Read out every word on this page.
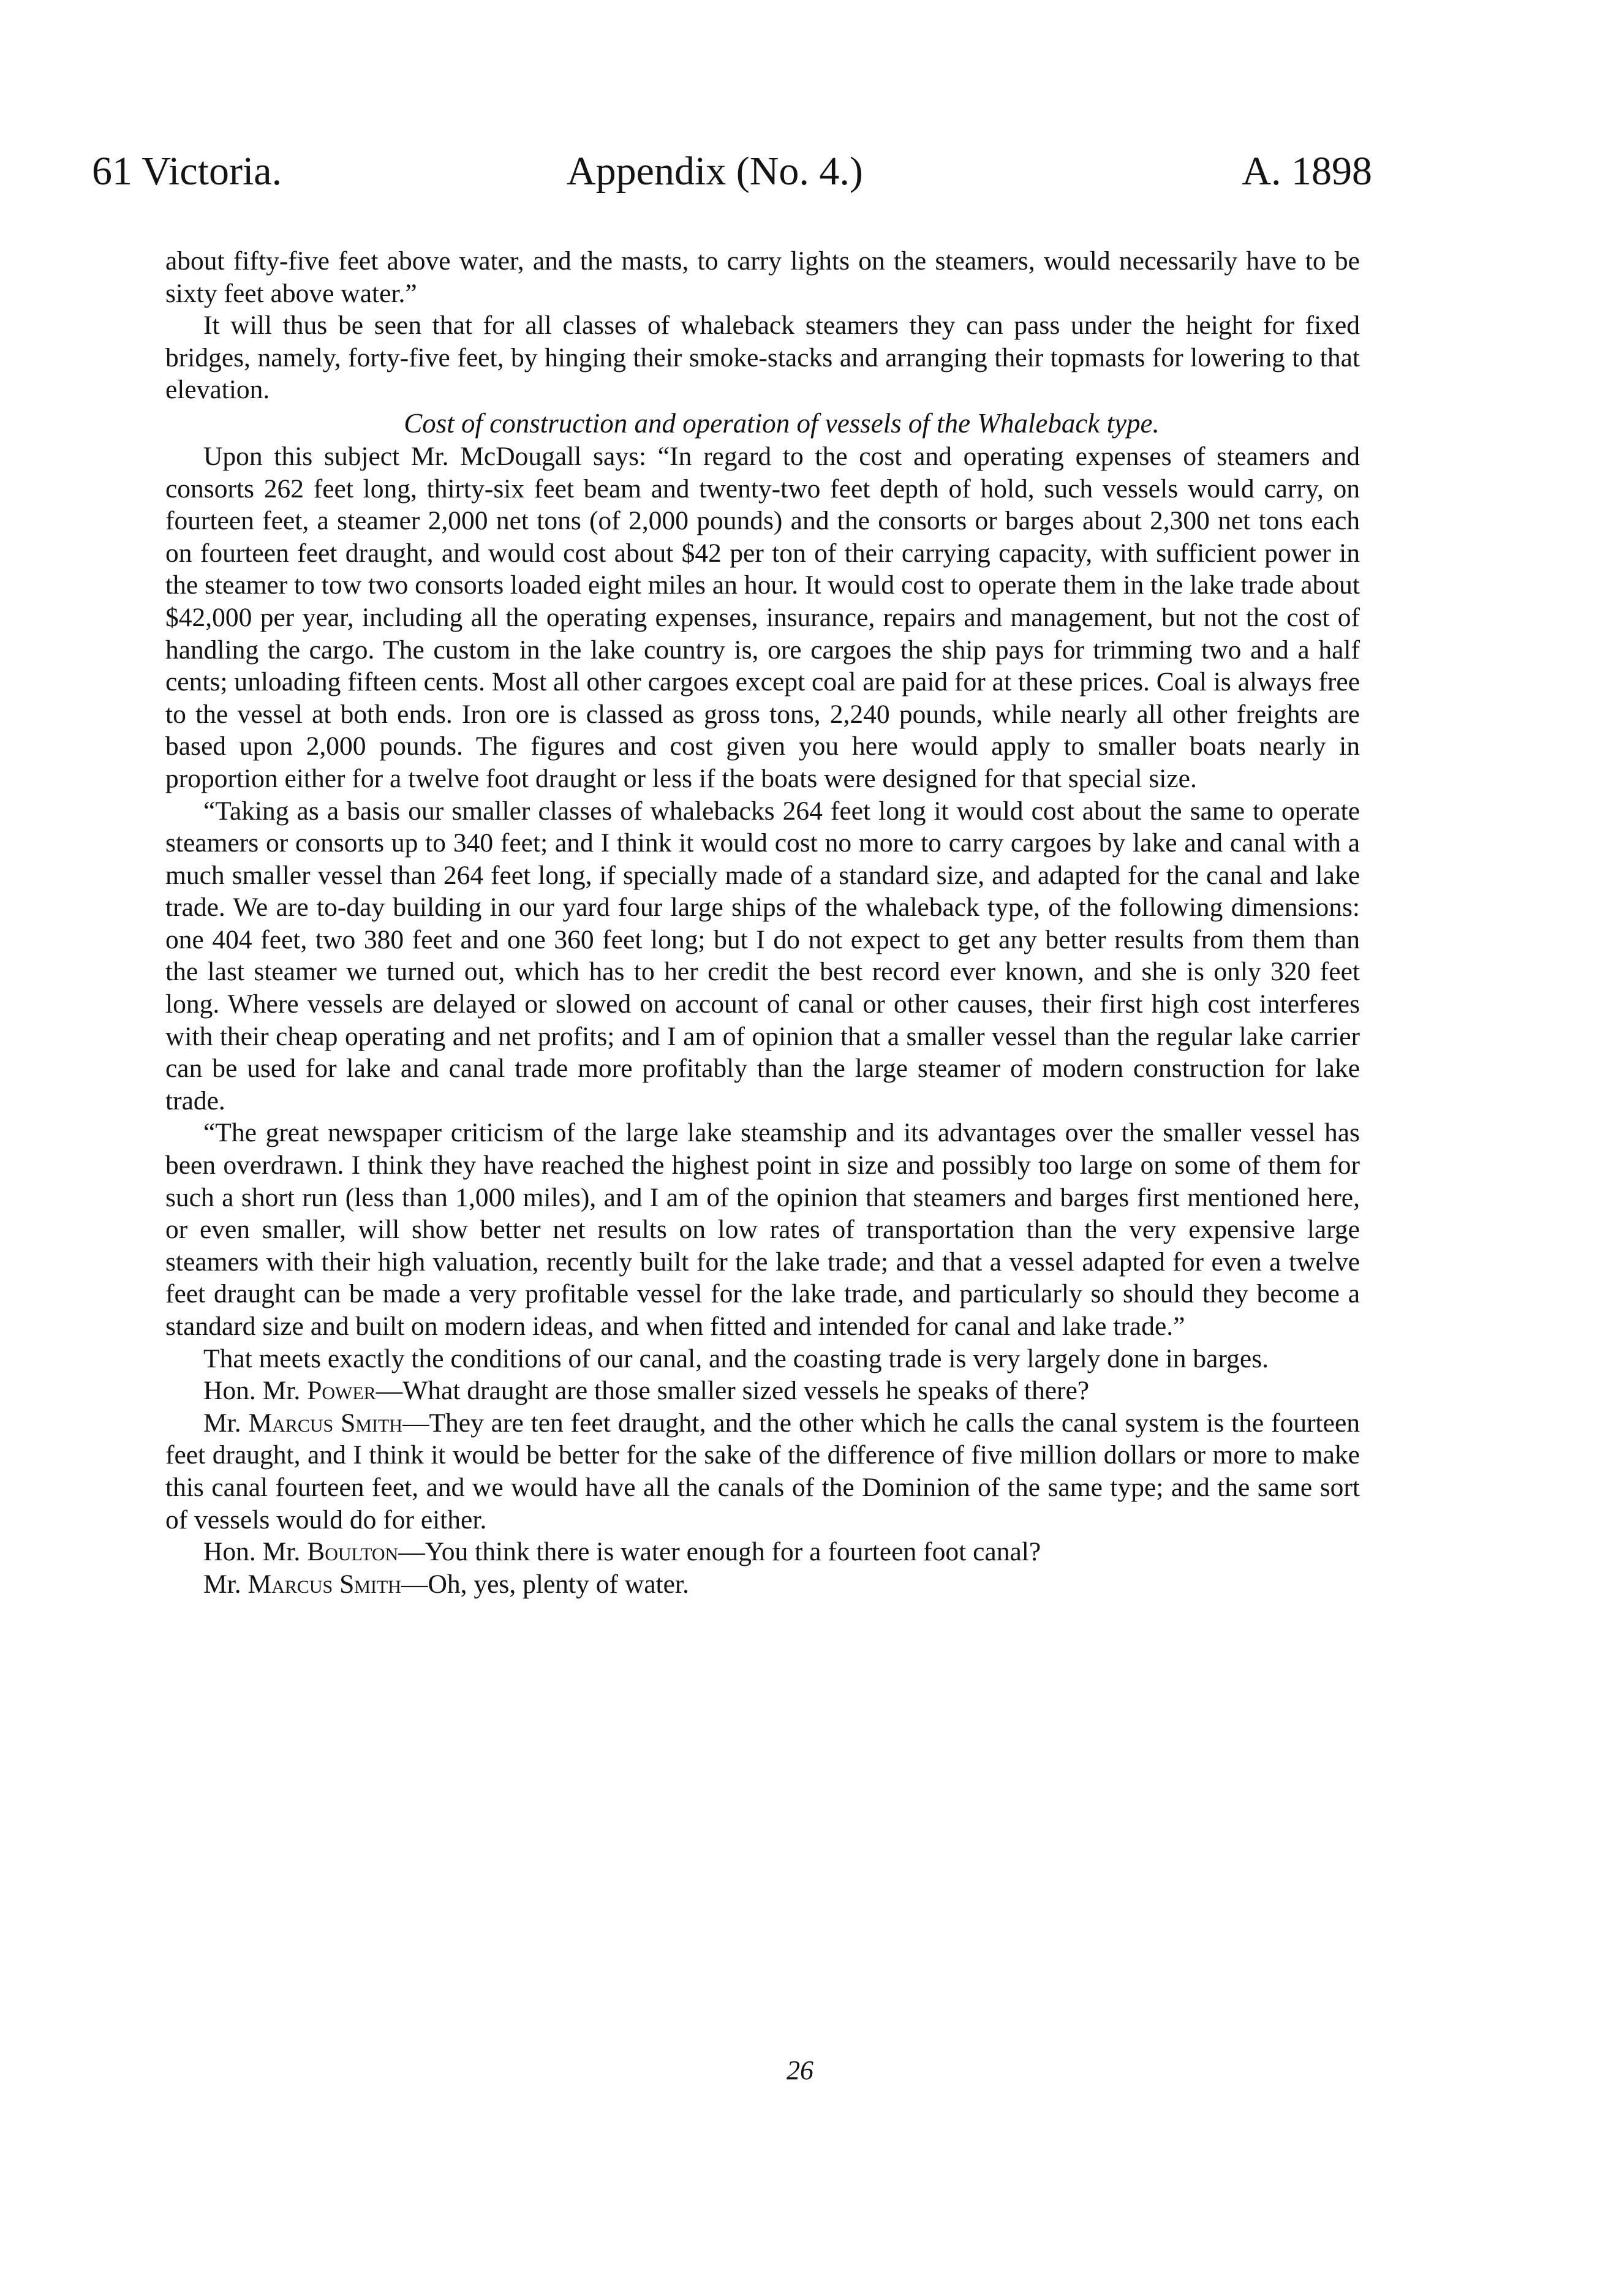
61 Victoria.	Appendix (No. 4.)	A. 1898

about fifty-five feet above water, and the masts, to carry lights on the steamers, would necessarily have to be sixty feet above water.”

It will thus be seen that for all classes of whaleback steamers they can pass under the height for fixed bridges, namely, forty-five feet, by hinging their smoke-stacks and arranging their topmasts for lowering to that elevation.

Cost of construction and operation of vessels of the Whaleback type.

Upon this subject Mr. McDougall says: “In regard to the cost and operating expenses of steamers and consorts 262 feet long, thirty-six feet beam and twenty-two feet depth of hold, such vessels would carry, on fourteen feet, a steamer 2,000 net tons (of 2,000 pounds) and the consorts or barges about 2,300 net tons each on fourteen feet draught, and would cost about $42 per ton of their carrying capacity, with sufficient power in the steamer to tow two consorts loaded eight miles an hour. It would cost to operate them in the lake trade about $42,000 per year, including all the operating expenses, insurance, repairs and management, but not the cost of handling the cargo. The custom in the lake country is, ore cargoes the ship pays for trimming two and a half cents; unloading fifteen cents. Most all other cargoes except coal are paid for at these prices. Coal is always free to the vessel at both ends. Iron ore is classed as gross tons, 2,240 pounds, while nearly all other freights are based upon 2,000 pounds. The figures and cost given you here would apply to smaller boats nearly in proportion either for a twelve foot draught or less if the boats were designed for that special size.

“Taking as a basis our smaller classes of whalebacks 264 feet long it would cost about the same to operate steamers or consorts up to 340 feet; and I think it would cost no more to carry cargoes by lake and canal with a much smaller vessel than 264 feet long, if specially made of a standard size, and adapted for the canal and lake trade. We are to-day building in our yard four large ships of the whaleback type, of the following dimensions: one 404 feet, two 380 feet and one 360 feet long; but I do not expect to get any better results from them than the last steamer we turned out, which has to her credit the best record ever known, and she is only 320 feet long. Where vessels are delayed or slowed on account of canal or other causes, their first high cost interferes with their cheap operating and net profits; and I am of opinion that a smaller vessel than the regular lake carrier can be used for lake and canal trade more profitably than the large steamer of modern construction for lake trade.

“The great newspaper criticism of the large lake steamship and its advantages over the smaller vessel has been overdrawn. I think they have reached the highest point in size and possibly too large on some of them for such a short run (less than 1,000 miles), and I am of the opinion that steamers and barges first mentioned here, or even smaller, will show better net results on low rates of transportation than the very expensive large steamers with their high valuation, recently built for the lake trade; and that a vessel adapted for even a twelve feet draught can be made a very profitable vessel for the lake trade, and particularly so should they become a standard size and built on modern ideas, and when fitted and intended for canal and lake trade.”

That meets exactly the conditions of our canal, and the coasting trade is very largely done in barges.

Hon. Mr. Power—What draught are those smaller sized vessels he speaks of there?

Mr. Marcus Smith—They are ten feet draught, and the other which he calls the canal system is the fourteen feet draught, and I think it would be better for the sake of the difference of five million dollars or more to make this canal fourteen feet, and we would have all the canals of the Dominion of the same type; and the same sort of vessels would do for either.

Hon. Mr. Boulton—You think there is water enough for a fourteen foot canal?

Mr. Marcus Smith—Oh, yes, plenty of water.

26
